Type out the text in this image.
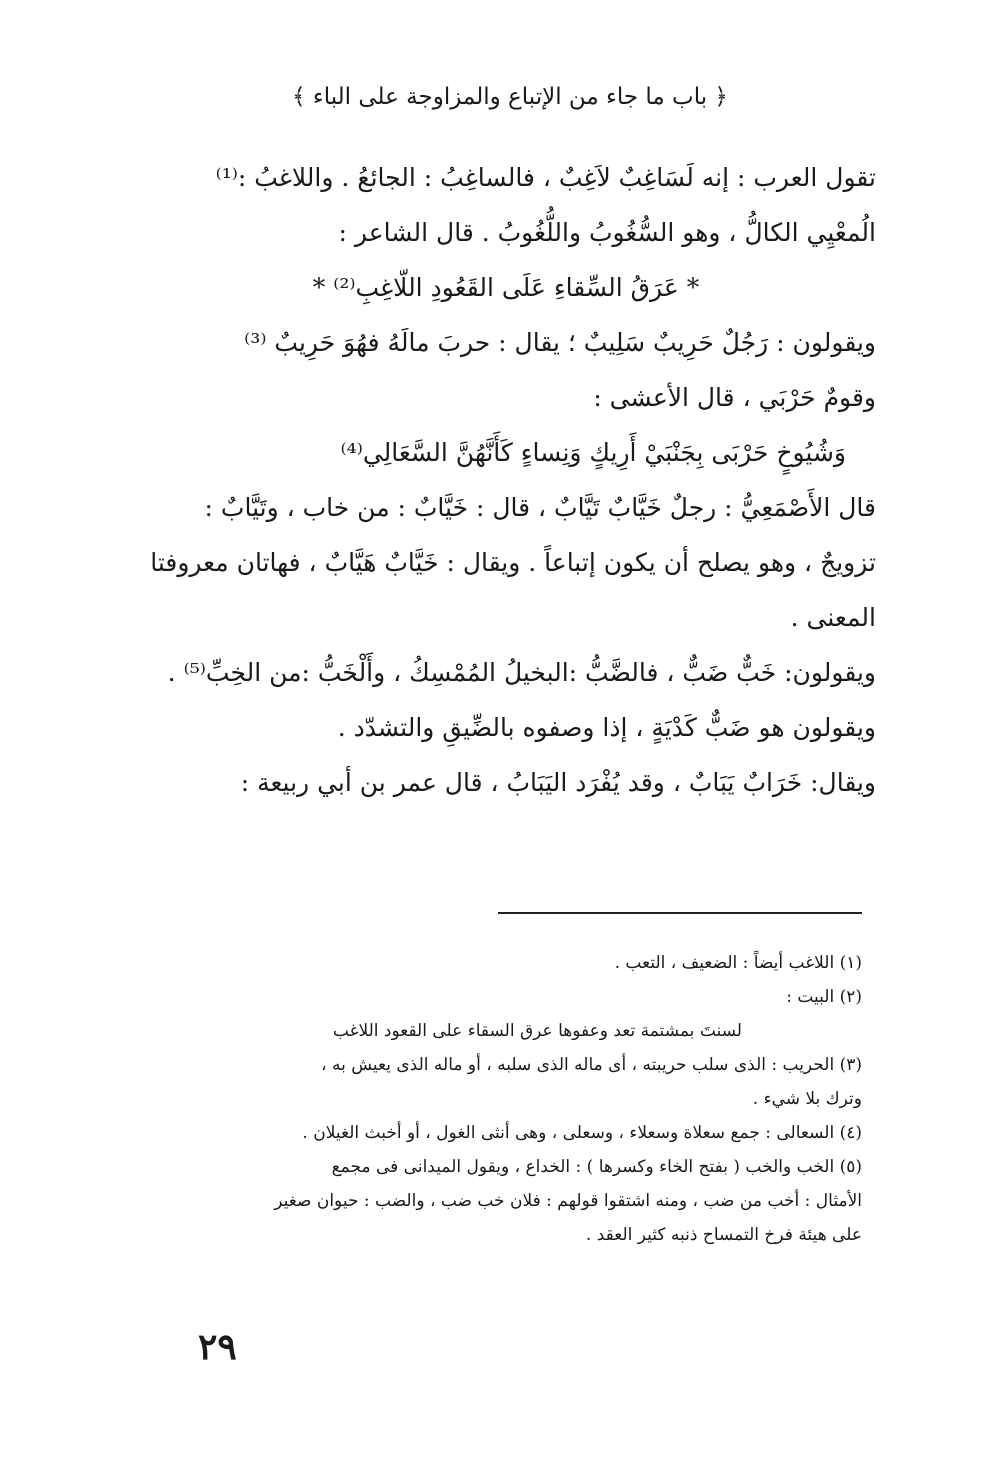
﴿ باب ما جاء من الإتباع والمزاوجة على الباء ﴾
تقول العرب : إنه لَسَاغِبٌ لاَغِبٌ ، فالساغِبُ : الجائعُ . واللاغبُ :⁽¹⁾
الُمعْيِي الكالُّ ، وهو السُّغُوبُ واللُّغُوبُ . قال الشاعر :
* عَرَقُ السِّقاءِ عَلَى القَعُودِ اللّاغِبِ⁽²⁾ *
ويقولون : رَجُلٌ حَرِيبٌ سَلِيبٌ ؛ يقال : حربَ مالَهُ فهُوَ حَرِيبٌ ⁽³⁾
وقومٌ حَرْبَي ، قال الأعشى :
وَشُيُوخٍ حَرْبَى بِجَنْبَيْ أَرِيكٍ وَنِساءٍ كَأَنَّهُنَّ السَّعَالِي⁽⁴⁾
قال الأَصْمَعِيُّ : رجلٌ خَيَّابٌ تَيَّابٌ ، قال : خَيَّابٌ : من خاب ، وتَيَّابٌ :
تزويجٌ ، وهو يصلح أن يكون إتباعاً . ويقال : خَيَّابٌ هَيَّابٌ ، فهاتان معروفتا
المعنى .
ويقولون: خَبٌّ ضَبٌّ ، فالضَّبُّ :البخيلُ المُمْسِكُ ، وأَلْخَبُّ :من الخِبِّ⁽⁵⁾ .
ويقولون هو ضَبٌّ كَدْيَةٍ ، إذا وصفوه بالضِّيقِ والتشدّد .
ويقال: خَرَابٌ يَبَابٌ ، وقد يُفْرَد اليَبَابُ ، قال عمر بن أبي ربيعة :
(١) اللاغب أيضاً : الضعيف ، التعب .
(٢) البيت :
لسنتَ بمشتمة تعد وعفوها عرق السقاء على القعود اللاغب
(٣) الحريب : الذى سلب حريبته ، أى ماله الذى سلبه ، أو ماله الذى يعيش به ،
وترك بلا شيء .
(٤) السعالى : جمع سعلاة وسعلاء ، وسعلى ، وهى أنثى الغول ، أو أخبث الغيلان .
(٥) الخب والخب ( بفتح الخاء وكسرها ) : الخداع ، ويقول الميدانى فى مجمع
الأمثال : أخب من ضب ، ومنه اشتقوا قولهم : فلان خب ضب ، والضب : حيوان صغير
على هيئة فرخ التمساح ذنبه كثير العقد .
٢٩
